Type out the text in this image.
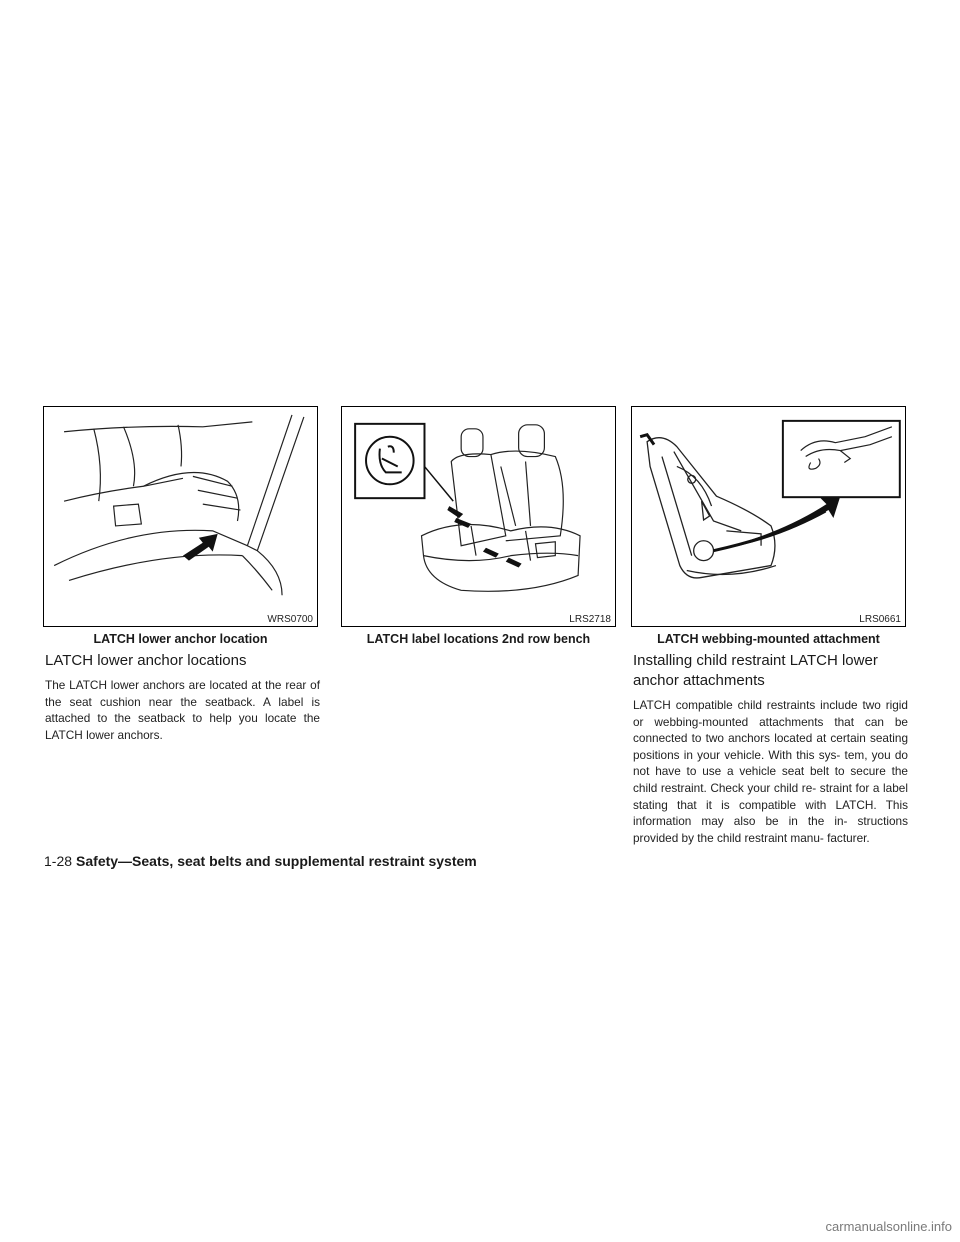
WRS0700
LATCH lower anchor location
LRS2718
LATCH label locations 2nd row bench
LRS0661
LATCH webbing-mounted attachment
LATCH lower anchor locations

The LATCH lower anchors are located at the rear of the seat cushion near the seatback. A label is attached to the seatback to help you locate the LATCH lower anchors.

Installing child restraint LATCH lower anchor attachments

LATCH compatible child restraints include two rigid or webbing-mounted attachments that can be connected to two anchors located at certain seating positions in your vehicle. With this sys- tem, you do not have to use a vehicle seat belt to secure the child restraint. Check your child re- straint for a label stating that it is compatible with LATCH. This information may also be in the in- structions provided by the child restraint manu- facturer.

1-28 Safety—Seats, seat belts and supplemental restraint system
carmanualsonline.info
